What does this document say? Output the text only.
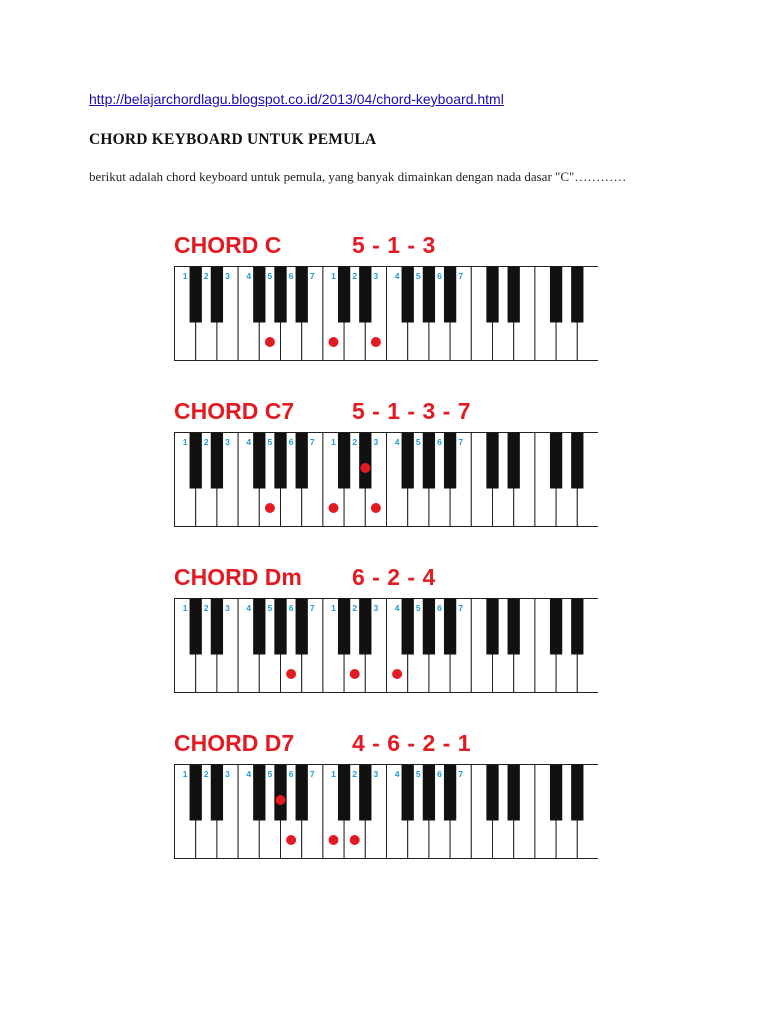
http://belajarchordlagu.blogspot.co.id/2013/04/chord-keyboard.html
CHORD KEYBOARD UNTUK PEMULA
berikut adalah chord keyboard untuk pemula, yang banyak dimainkan dengan nada dasar "C"…………
CHORD C	5 - 1 - 3
1 2 3 4 5 6 7 1 2 3 4 5 6 7
CHORD C7	5 - 1 - 3 - 7
1 2 3 4 5 6 7 1 2 3 4 5 6 7
CHORD Dm 6 - 2 - 4
1 2 3 4 5 6 7 1 2 3 4 5 6 7
CHORD D7	4 - 6 - 2 - 1
1 2 3 4 5 6 7 1 2 3 4 5 6 7
